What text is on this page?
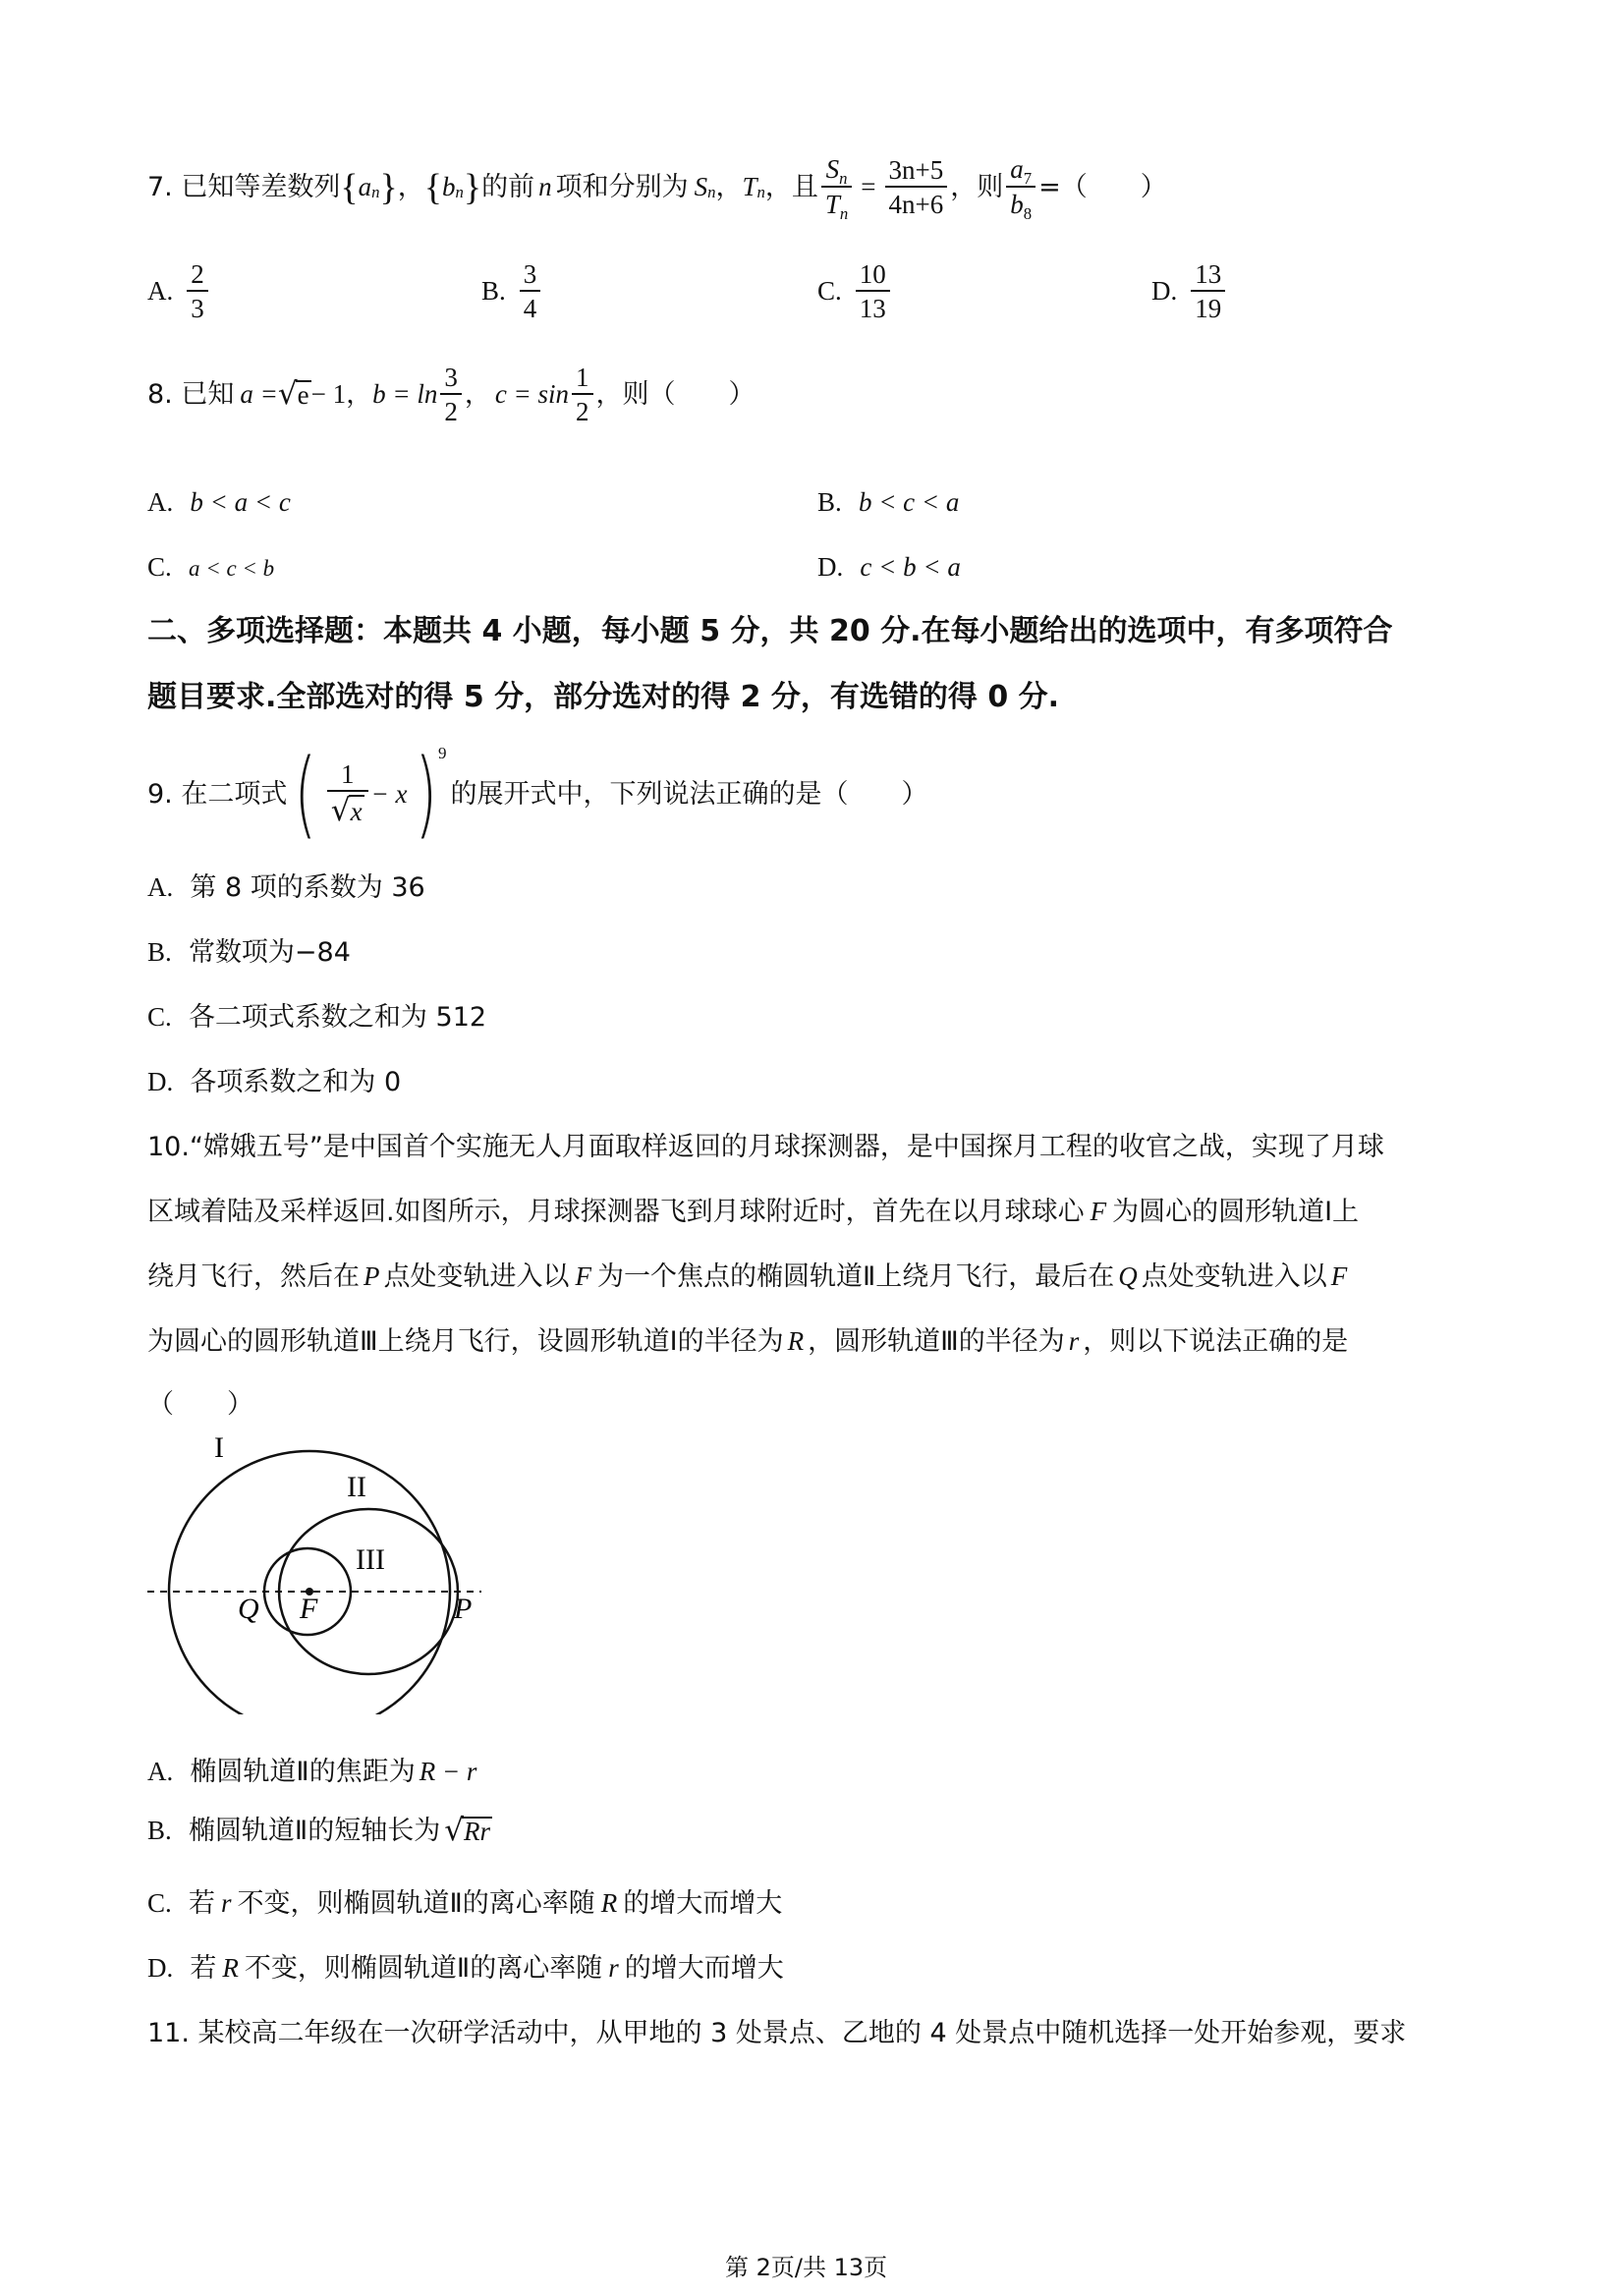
7. 已知等差数列 { a n } ， { b n } 的前 n 项和分别为 S n ， T n ，且 $\frac{S_n}{T_n} = \frac{3n+5}{4n+6}$ ，则 $\frac{a_7}{b_8}$ =（　　）
A. $\frac{2}{3}$	B. $\frac{3}{4}$	C. $\frac{10}{13}$	D. $\frac{13}{19}$
8. 已知 a = √ e − 1 ， $b = \ln \frac{3}{2}$ ， $c = \sin \frac{1}{2}$ ，则（　　）
A. b < a < c	B. b < c < a
C. a < c < b	D. c < b < a
二、多项选择题：本题共 4 小题，每小题 5 分，共 20 分.在每小题给出的选项中，有多项符合
题目要求.全部选对的得 5 分，部分选对的得 2 分，有选错的得 0 分.
9. 在二项式 ( $\frac{1}{√x} - x$ ) 9
的展开式中，下列说法正确的是（　　）
A. 第 8 项的系数为 36
B. 常数项为−84
C. 各二项式系数之和为 512
D. 各项系数之和为 0
10.“嫦娥五号”是中国首个实施无人月面取样返回的月球探测器，是中国探月工程的收官之战，实现了月球
区域着陆及采样返回.如图所示，月球探测器飞到月球附近时，首先在以月球球心 F 为圆心的圆形轨道Ⅰ上
绕月飞行，然后在 P 点处变轨进入以 F 为一个焦点的椭圆轨道Ⅱ上绕月飞行，最后在 Q 点处变轨进入以 F
为圆心的圆形轨道Ⅲ上绕月飞行，设圆形轨道Ⅰ的半径为 R ，圆形轨道Ⅲ的半径为 r ，则以下说法正确的是
（　　）
I
II
III
Q F	P
A. 椭圆轨道Ⅱ的焦距为 R − r
B.
椭圆轨道Ⅱ的短轴长为 √ Rr
C. 若 r 不变，则椭圆轨道Ⅱ的离心率随 R 的增大而增大
D. 若 R 不变，则椭圆轨道Ⅱ的离心率随 r 的增大而增大
11. 某校高二年级在一次研学活动中，从甲地的 3 处景点、乙地的 4 处景点中随机选择一处开始参观，要求
第 2页/共 13页
